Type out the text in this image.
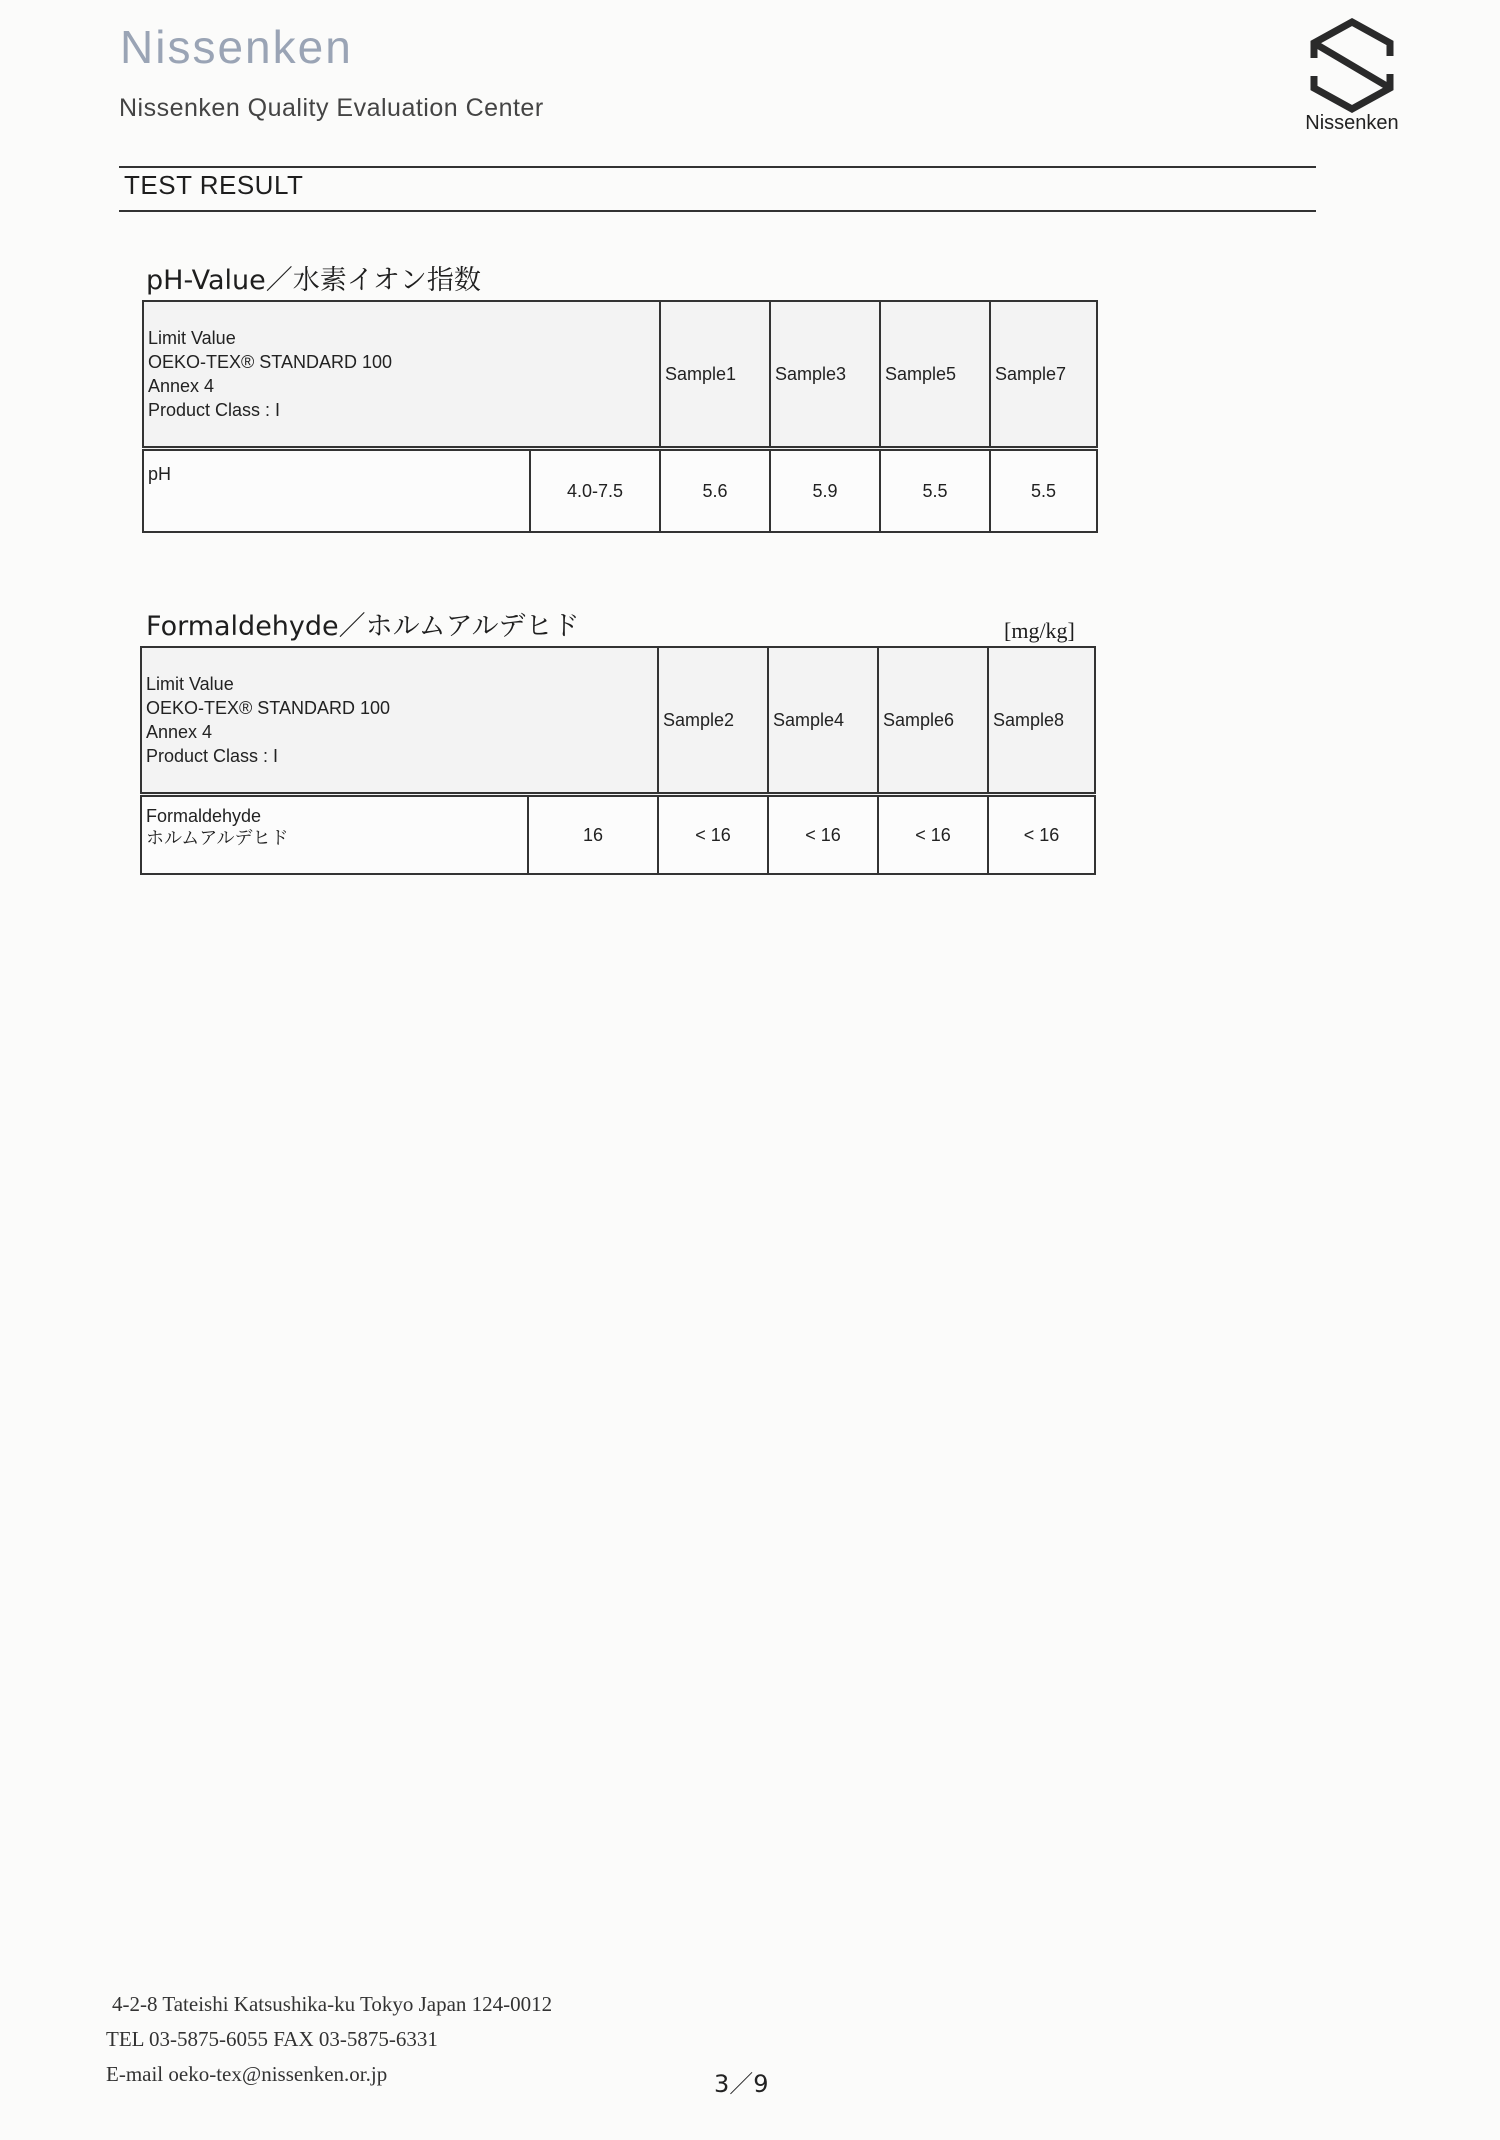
Nissenken
Nissenken Quality Evaluation Center
Nissenken
TEST RESULT
pH-Value／水素イオン指数
Limit Value
OEKO-TEX® STANDARD 100
Annex 4
Product Class : I		Sample1	Sample3	Sample5	Sample7

pH	4.0-7.5	5.6	5.9	5.5	5.5
Formaldehyde／ホルムアルデヒド	[mg/kg]
Limit Value
OEKO-TEX® STANDARD 100
Annex 4
Product Class : I		Sample2	Sample4	Sample6	Sample8

Formaldehyde
ホルムアルデヒド	16	< 16	< 16	< 16	< 16
4-2-8 Tateishi Katsushika-ku Tokyo Japan 124-0012
TEL 03-5875-6055 FAX 03-5875-6331
E-mail oeko-tex@nissenken.or.jp	3／9
